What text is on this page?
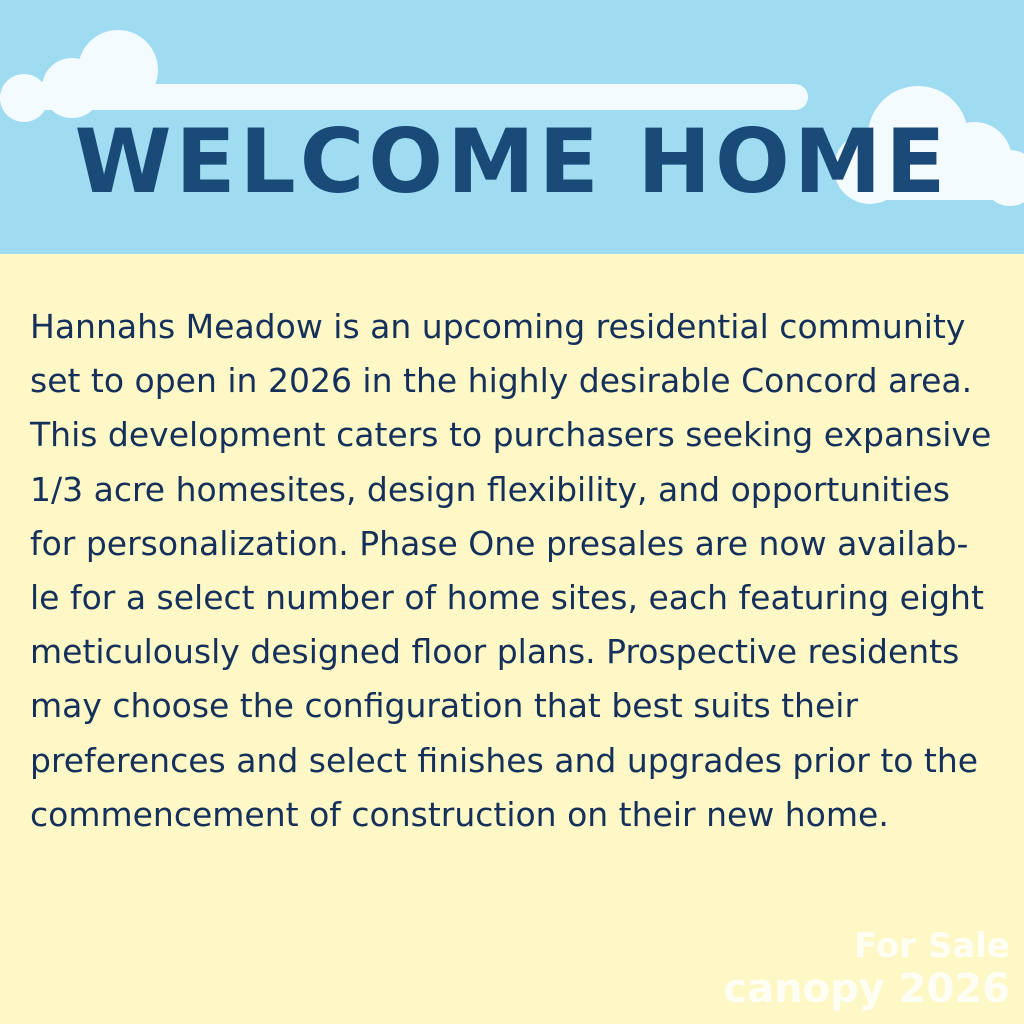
WELCOME HOME

Hannahs Meadow is an upcoming residential community
set to open in 2026 in the highly desirable Concord area.
This development caters to purchasers seeking expansive
1/3 acre homesites, design flexibility, and opportunities
for personalization. Phase One presales are now availab-
le for a select number of home sites, each featuring eight
meticulously designed floor plans. Prospective residents
may choose the configuration that best suits their
preferences and select finishes and upgrades prior to the
commencement of construction on their new home.

For Sale
canopy 2026
